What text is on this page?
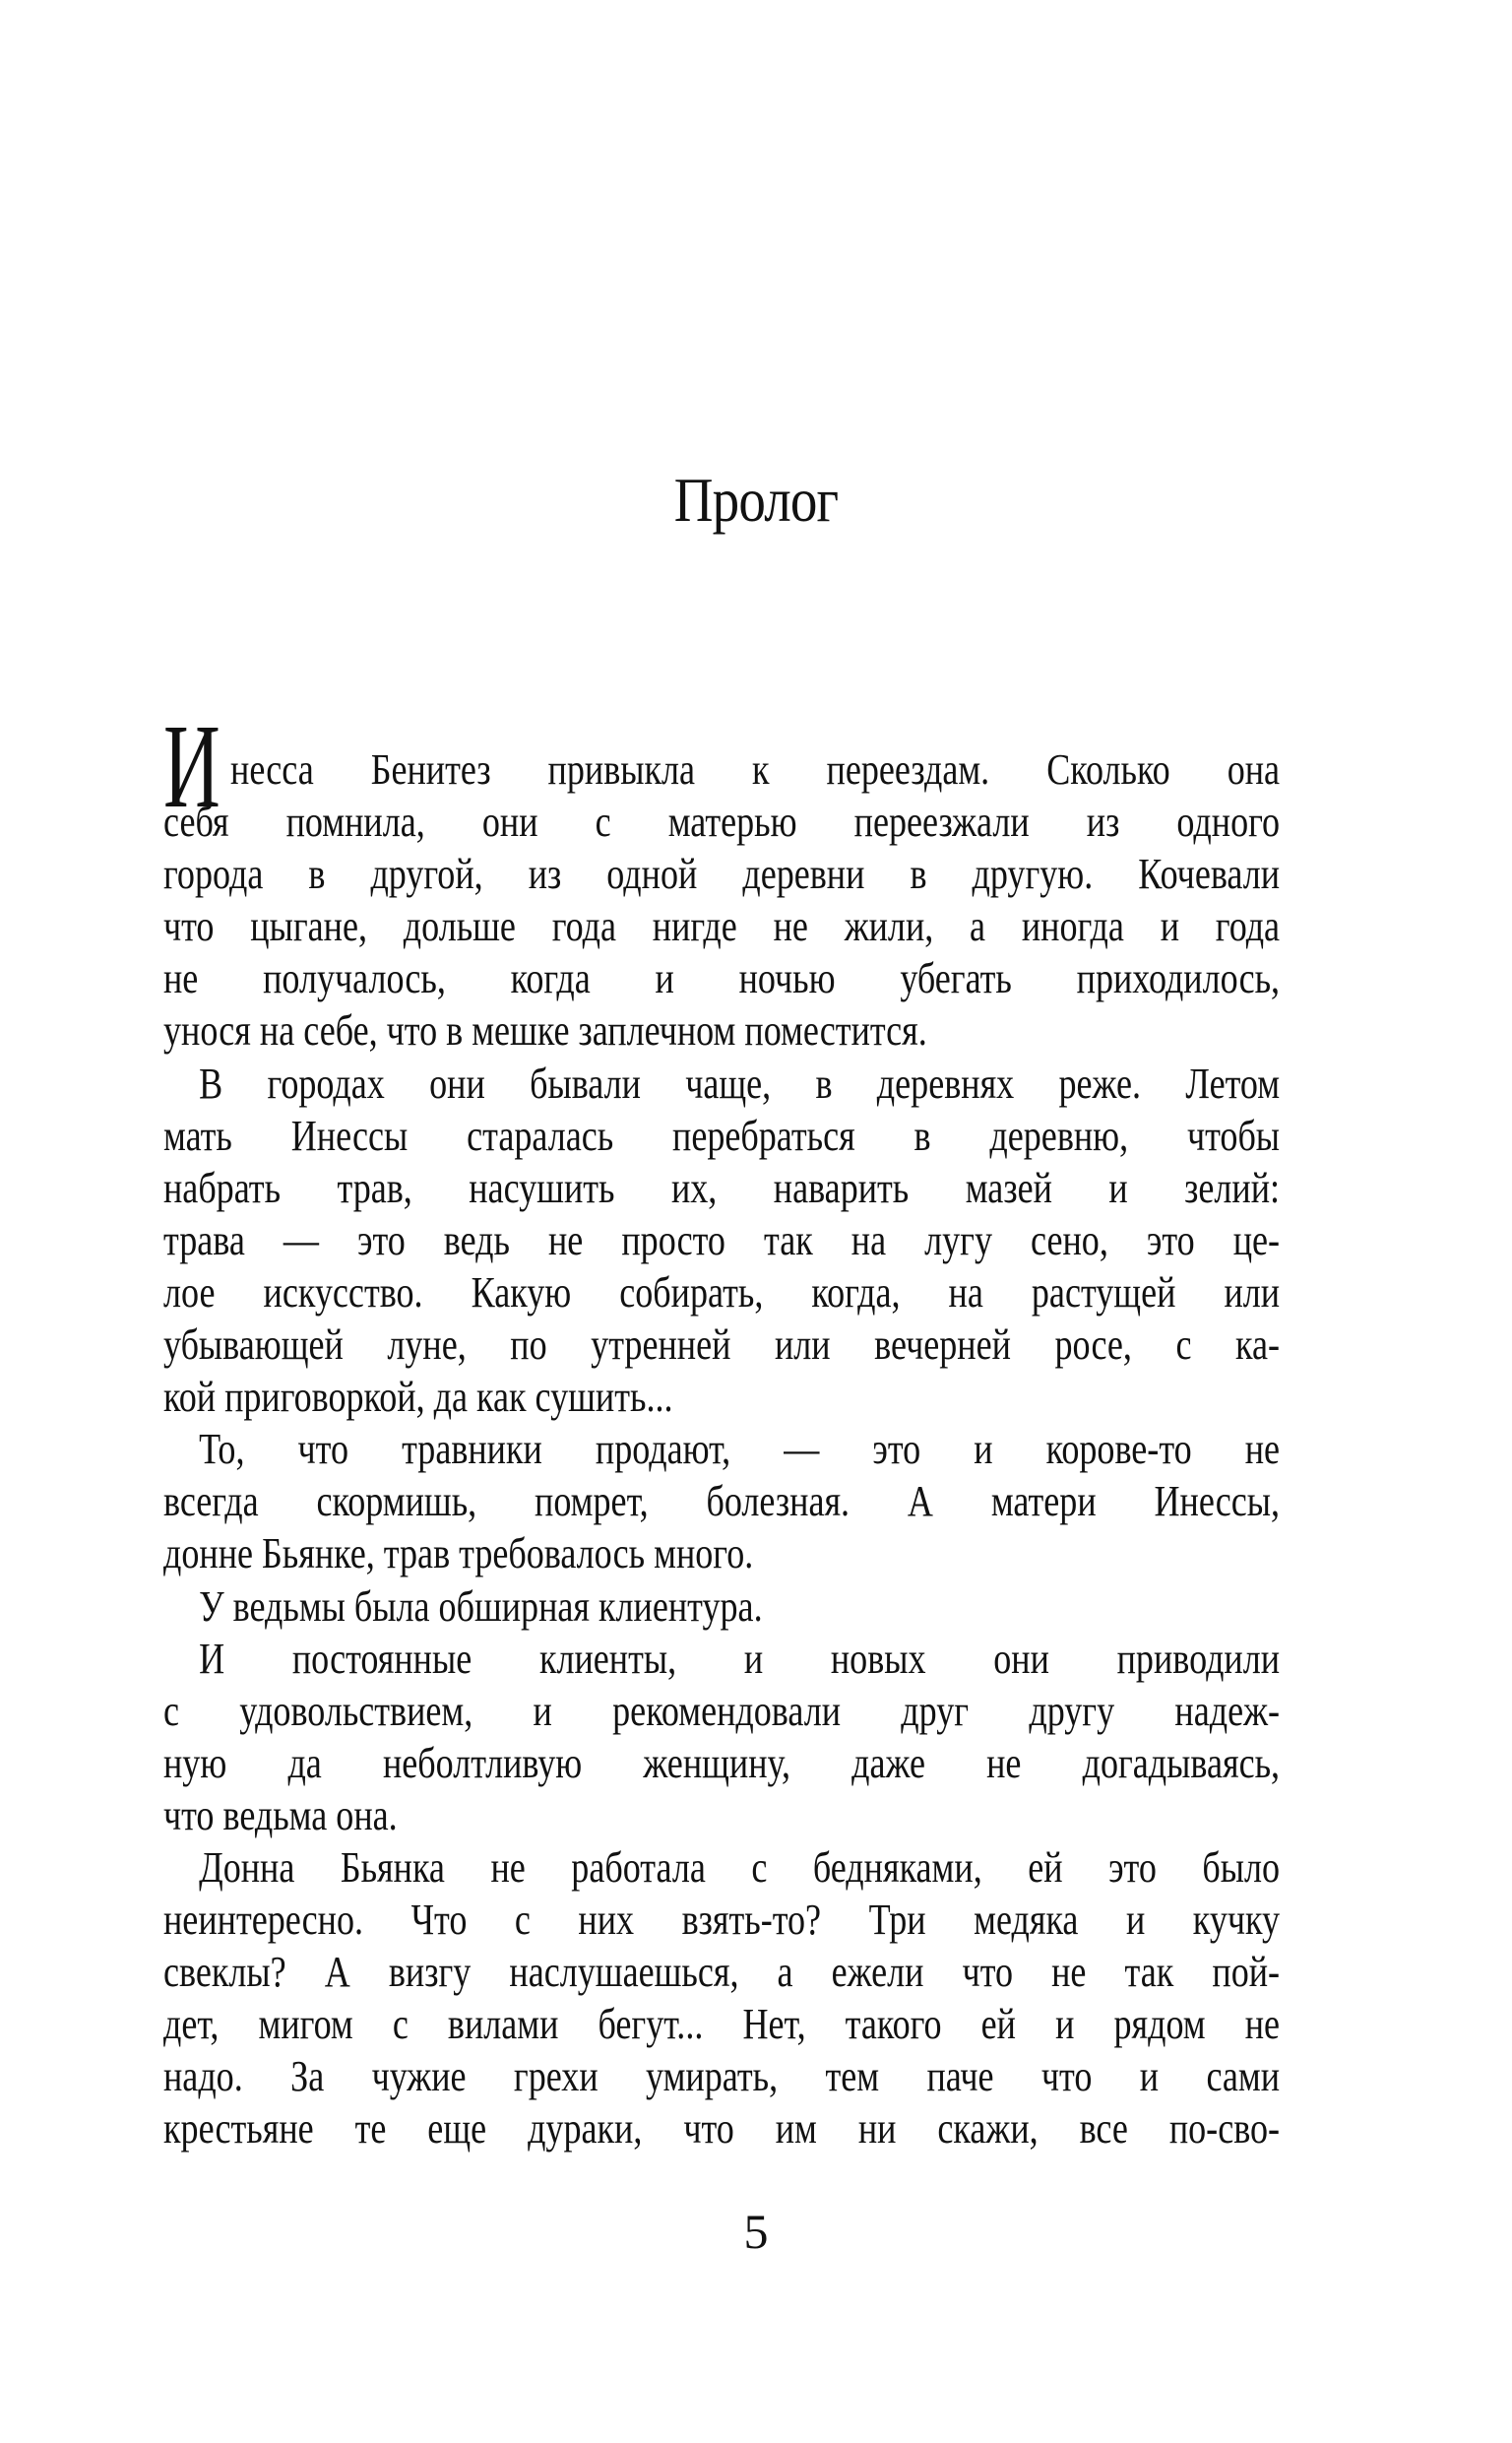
Пролог
И несса Бенитез привыкла к переездам. Сколько она
себя помнила, они с матерью переезжали из одного
города в другой, из одной деревни в другую. Кочевали
что цыгане, дольше года нигде не жили, а иногда и года
не получалось, когда и ночью убегать приходилось,
унося на себе, что в мешке заплечном поместится.
В городах они бывали чаще, в деревнях реже. Летом
мать Инессы старалась перебраться в деревню, чтобы
набрать трав, насушить их, наварить мазей и зелий:
трава — это ведь не просто так на лугу сено, это це-
лое искусство. Какую собирать, когда, на растущей или
убывающей луне, по утренней или вечерней росе, с ка-
кой приговоркой, да как сушить...
То, что травники продают, — это и корове-то не
всегда скормишь, помрет, болезная. А матери Инессы,
донне Бьянке, трав требовалось много.
У ведьмы была обширная клиентура.
И постоянные клиенты, и новых они приводили
с удовольствием, и рекомендовали друг другу надеж-
ную да неболтливую женщину, даже не догадываясь,
что ведьма она.
Донна Бьянка не работала с бедняками, ей это было
неинтересно. Что с них взять-то? Три медяка и кучку
свеклы? А визгу наслушаешься, а ежели что не так пой-
дет, мигом с вилами бегут... Нет, такого ей и рядом не
надо. За чужие грехи умирать, тем паче что и сами
крестьяне те еще дураки, что им ни скажи, все по-сво-
5
